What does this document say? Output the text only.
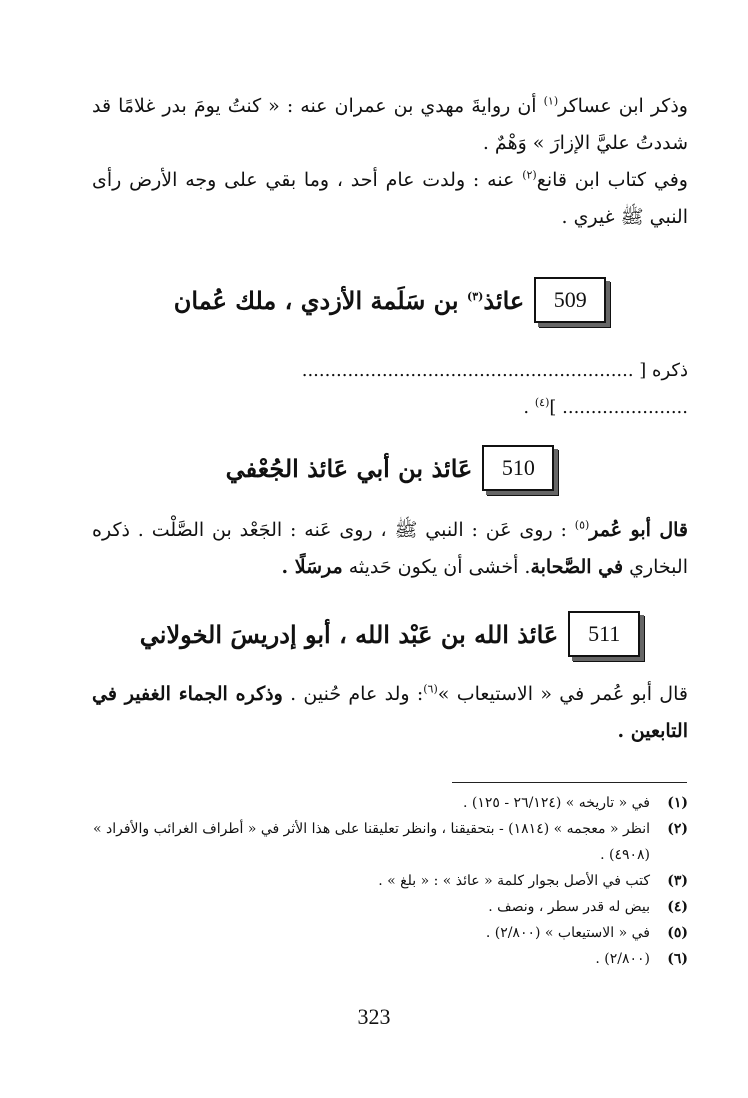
وذكر ابن عساكر$^{(١)}$ أن روايةَ مهدي بن عمران عنه : « كنتُ يومَ بدر غلامًا قد شددتُ عليَّ الإزارَ » وَهْمٌ .

وفي كتاب ابن قانع$^{(٢)}$ عنه : ولدت عام أحد ، وما بقي على وجه الأرض رأى النبي ﷺ غيري .

509
عائذ$^{(٣)}$ بن سَلَمة الأزدي ، ملك عُمان
ذكره [ ..........................................................
...................... ]$^{(٤)}$ .
510
عَائذ بن أبي عَائذ الجُعْفي

قال أبو عُمر$^{(٥)}$ : روى عَن : النبي ﷺ ، روى عَنه : الجَعْد بن الصَّلْت . ذكره البخاري في الصَّحابة. أخشى أن يكون حَديثه مرسَلًا .

511
عَائذ الله بن عَبْد الله ، أبو إدريسَ الخولاني

قال أبو عُمر في « الاستيعاب »$^{(٦)}$: ولد عام حُنين . وذكره الجماء الغفير في التابعين .

(١)
في « تاريخه » (٢٦/١٢٤ - ١٢٥) .
(٢)
انظر « معجمه » (١٨١٤) - بتحقيقنا ، وانظر تعليقنا على هذا الأثر في « أطراف الغرائب والأفراد » (٤٩٠٨) .
(٣)
كتب في الأصل بجوار كلمة « عائذ » : « بلغ » .
(٤)
بيض له قدر سطر ، ونصف .
(٥)
في « الاستيعاب » (٢/٨٠٠) .
(٦)
(٢/٨٠٠) .
323
